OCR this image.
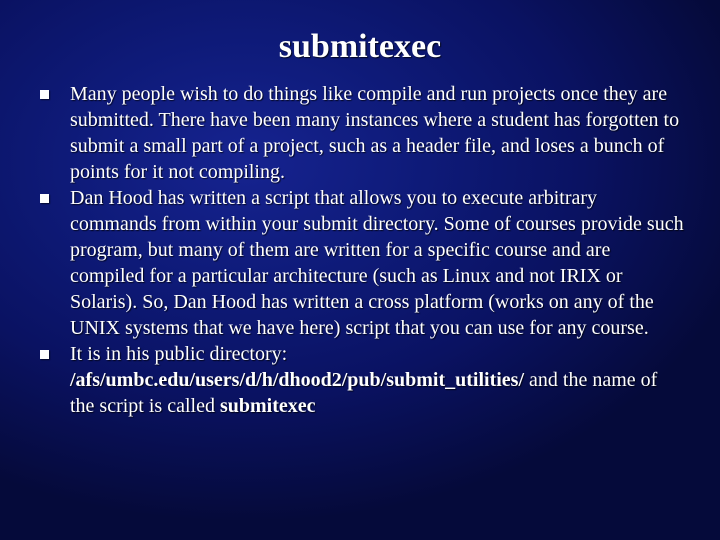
submitexec
Many people wish to do things like compile and run projects once they are submitted. There have been many instances where a student has forgotten to submit a small part of a project, such as a header file, and loses a bunch of points for it not compiling.
Dan Hood has written a script that allows you to execute arbitrary commands from within your submit directory. Some of courses provide such program, but many of them are written for a specific course and are compiled for a particular architecture (such as Linux and not IRIX or Solaris). So, Dan Hood has written a cross platform (works on any of the UNIX systems that we have here) script that you can use for any course.
It is in his public directory: /afs/umbc.edu/users/d/h/dhood2/pub/submit_utilities/ and the name of the script is called submitexec
